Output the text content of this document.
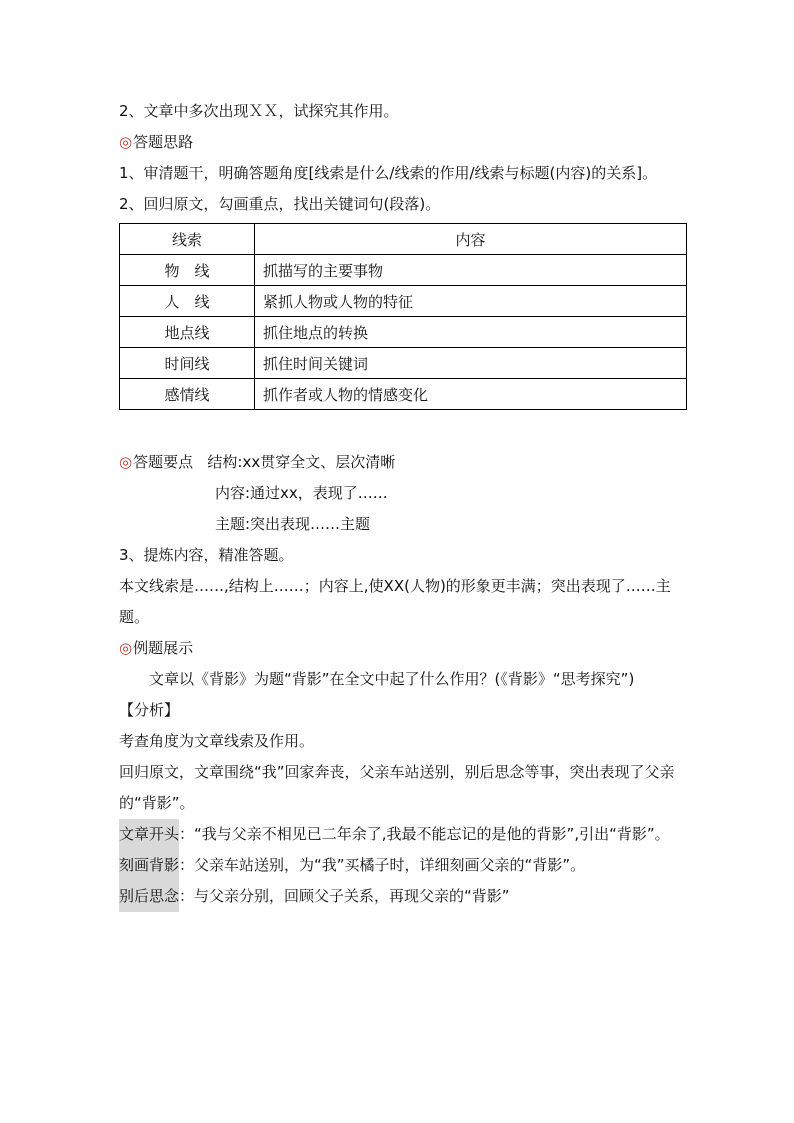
2、文章中多次出现ＸＸ，试探究其作用。
◎答题思路
1、审清题干，明确答题角度[线索是什么/线索的作用/线索与标题(内容)的关系]。
2、回归原文，勾画重点，找出关键词句(段落)。
线索	内容
物　线	抓描写的主要事物
人　线	紧抓人物或人物的特征
地点线	抓住地点的转换
时间线	抓住时间关键词
感情线	抓作者或人物的情感变化
◎答题要点 结构:xx贯穿全文、层次清晰
内容:通过xx，表现了……
主题:突出表现……主题
3、提炼内容，精准答题。
本文线索是……,结构上……；内容上,使XX(人物)的形象更丰满；突出表现了……主题。
◎例题展示
文章以《背影》为题“背影”在全文中起了什么作用？(《背影》“思考探究”)
【分析】
考查角度为文章线索及作用。
回归原文，文章围绕“我”回家奔丧，父亲车站送别，别后思念等事，突出表现了父亲的“背影”。
文章开头：“我与父亲不相见已二年余了,我最不能忘记的是他的背影”,引出“背影”。
刻画背影：父亲车站送别，为“我”买橘子时，详细刻画父亲的“背影”。
别后思念：与父亲分别，回顾父子关系，再现父亲的“背影”
